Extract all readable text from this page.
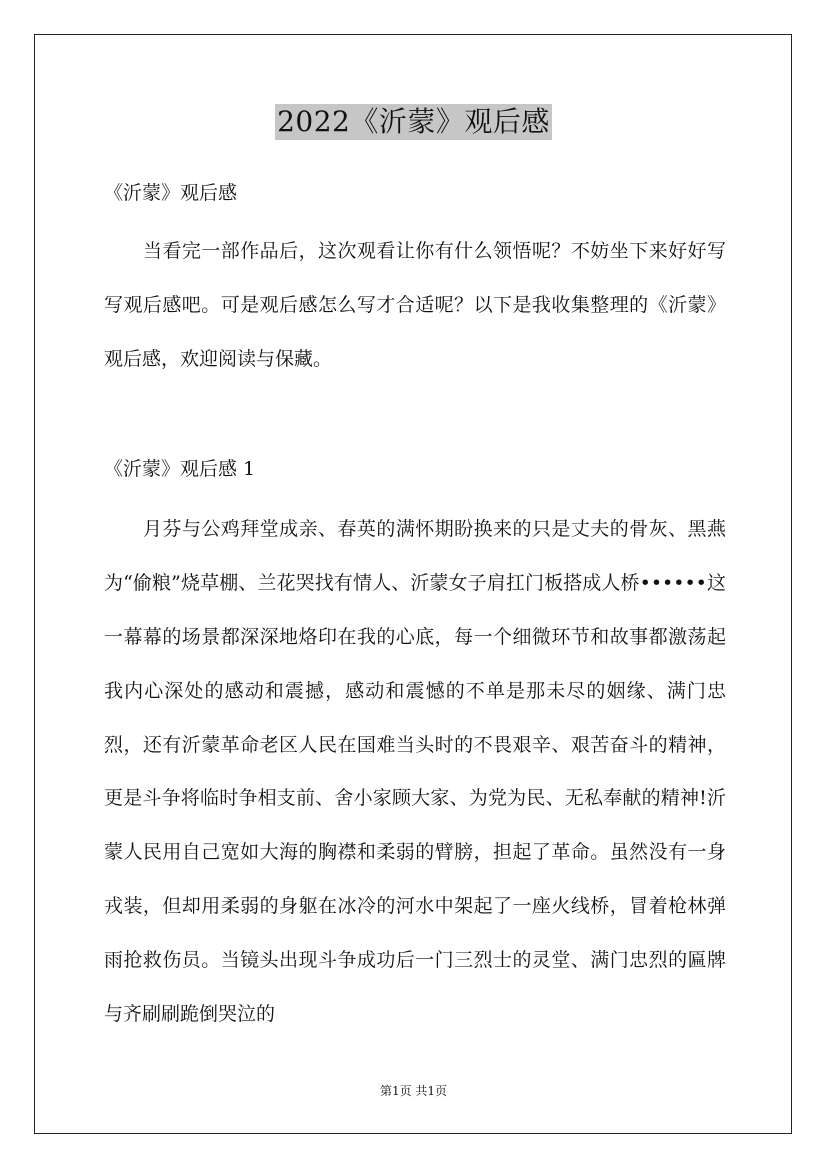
2022《沂蒙》观后感

《沂蒙》观后感

当看完一部作品后，这次观看让你有什么领悟呢？不妨坐下来好好写写观后感吧。可是观后感怎么写才合适呢？以下是我收集整理的《沂蒙》观后感，欢迎阅读与保藏。

《沂蒙》观后感 1

月芬与公鸡拜堂成亲、春英的满怀期盼换来的只是丈夫的骨灰、黑燕为“偷粮”烧草棚、兰花哭找有情人、沂蒙女子肩扛门板搭成人桥••••••这一幕幕的场景都深深地烙印在我的心底，每一个细微环节和故事都激荡起我内心深处的感动和震撼，感动和震憾的不单是那未尽的姻缘、满门忠烈，还有沂蒙革命老区人民在国难当头时的不畏艰辛、艰苦奋斗的精神，更是斗争将临时争相支前、舍小家顾大家、为党为民、无私奉献的精神!沂蒙人民用自己宽如大海的胸襟和柔弱的臂膀，担起了革命。虽然没有一身戎装，但却用柔弱的身躯在冰冷的河水中架起了一座火线桥，冒着枪林弹雨抢救伤员。当镜头出现斗争成功后一门三烈士的灵堂、满门忠烈的匾牌与齐刷刷跪倒哭泣的

第1页 共1页
